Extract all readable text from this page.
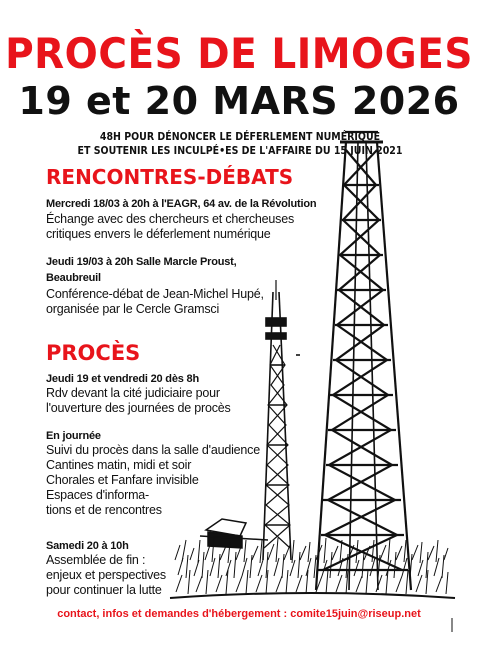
PROCÈS DE LIMOGES
19 et 20 MARS 2026
48H POUR DÉNONCER LE DÉFERLEMENT NUMÉRIQUE
ET SOUTENIR LES INCULPÉ•ES DE L'AFFAIRE DU 15 JUIN 2021
RENCONTRES-DÉBATS
Mercredi 18/03 à 20h à l'EAGR, 64 av. de la Révolution
Échange avec des chercheurs et chercheuses
critiques envers le déferlement numérique
Jeudi 19/03 à 20h Salle Marcle Proust,
Beaubreuil
Conférence-débat de Jean-Michel Hupé,
organisée par le Cercle Gramsci
PROCÈS
Jeudi 19 et vendredi 20 dès 8h
Rdv devant la cité judiciaire pour
l'ouverture des journées de procès
En journée
Suivi du procès dans la salle d'audience
Cantines matin, midi et soir
Chorales et Fanfare invisible
Espaces d'informa-
tions et de rencontres
Samedi 20 à 10h
Assemblée de fin :
enjeux et perspectives
pour continuer la lutte
contact, infos et demandes d'hébergement : comite15juin@riseup.net
